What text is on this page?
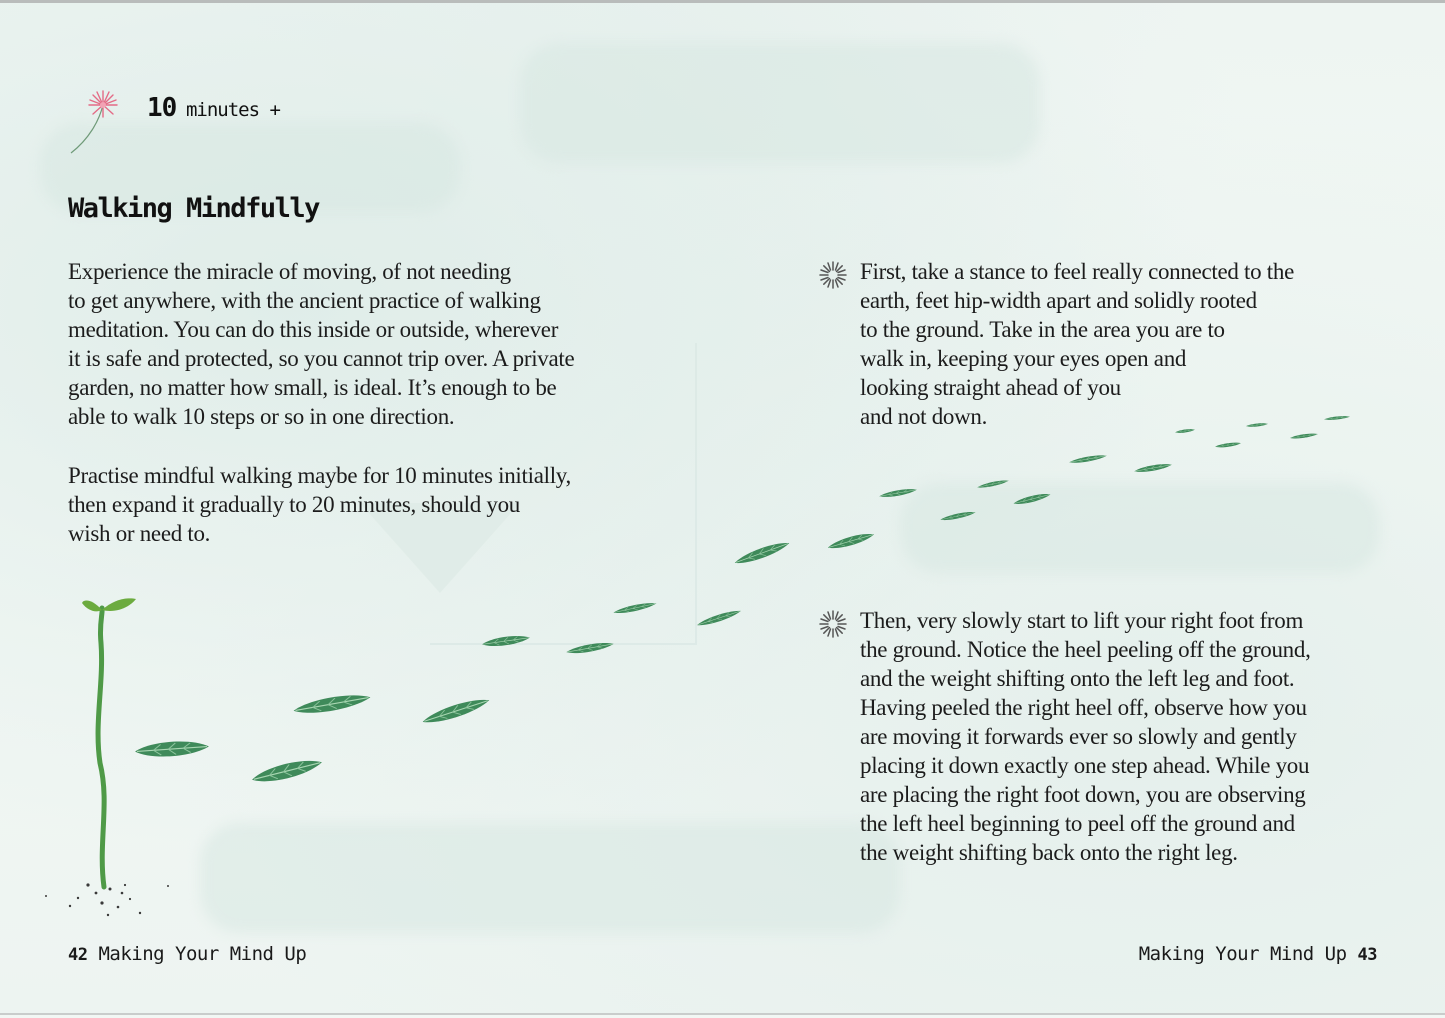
10 minutes +
Walking Mindfully

Experience the miracle of moving, of not needing
to get anywhere, with the ancient practice of walking
meditation. You can do this inside or outside, wherever
it is safe and protected, so you cannot trip over. A private
garden, no matter how small, is ideal. It’s enough to be
able to walk 10 steps or so in one direction.

Practise mindful walking maybe for 10 minutes initially,
then expand it gradually to 20 minutes, should you
wish or need to.

First, take a stance to feel really connected to the
earth, feet hip-width apart and solidly rooted
to the ground. Take in the area you are to
walk in, keeping your eyes open and
looking straight ahead of you
and not down.

Then, very slowly start to lift your right foot from
the ground. Notice the heel peeling off the ground,
and the weight shifting onto the left leg and foot.
Having peeled the right heel off, observe how you
are moving it forwards ever so slowly and gently
placing it down exactly one step ahead. While you
are placing the right foot down, you are observing
the left heel beginning to peel off the ground and
the weight shifting back onto the right leg.

42 Making Your Mind Up	Making Your Mind Up 43
